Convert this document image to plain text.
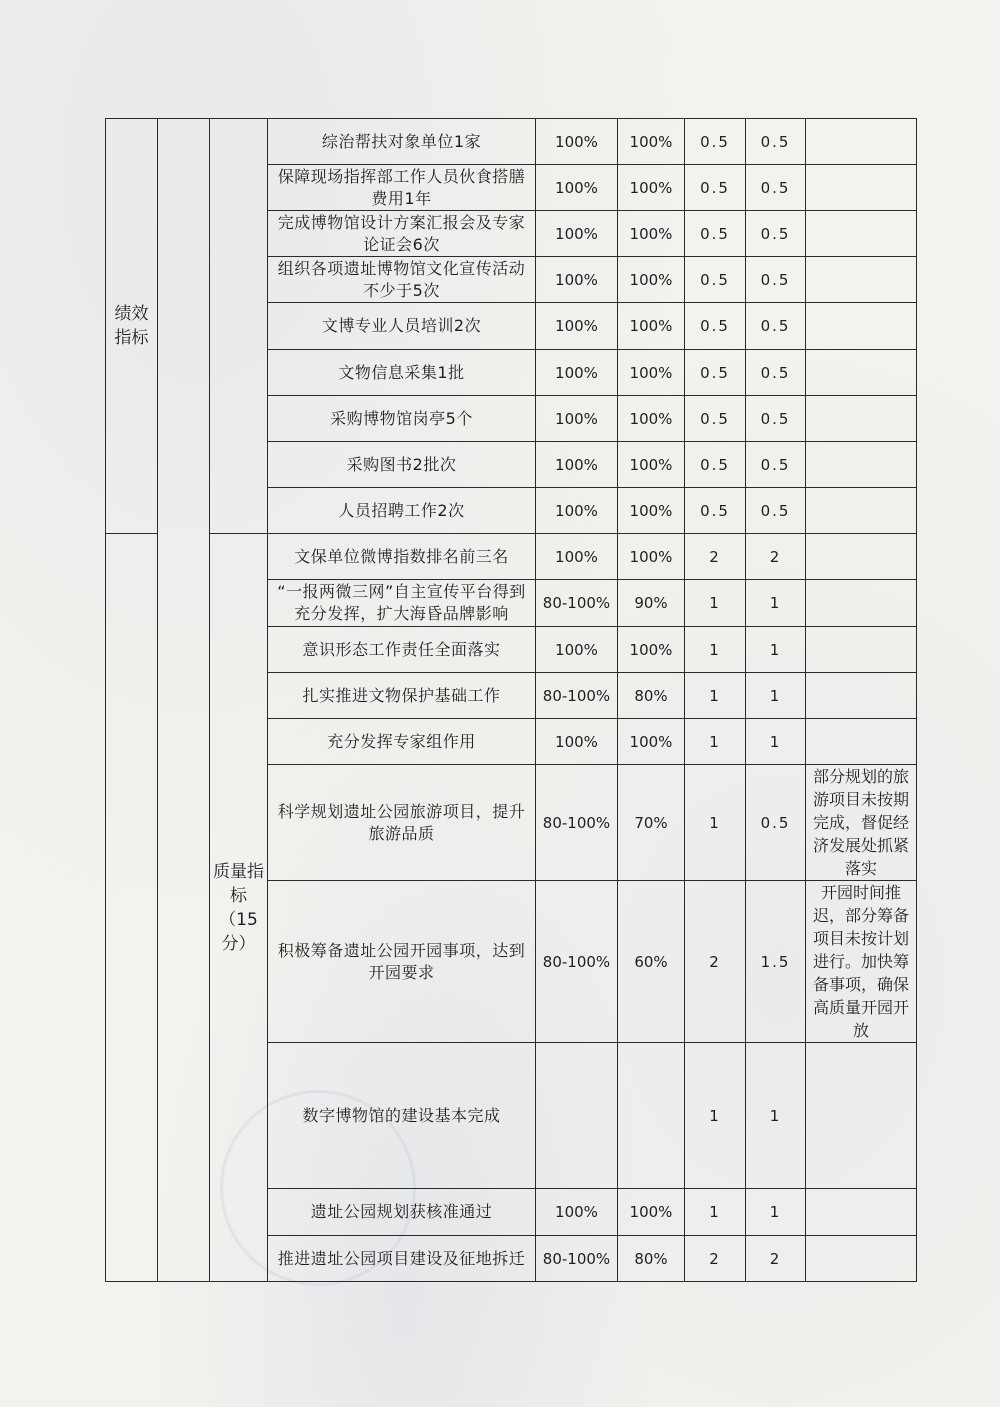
绩效指标			综治帮扶对象单位1家	100%	100%	0.5	0.5	
			保障现场指挥部工作人员伙食搭膳费用1年	100%	100%	0.5	0.5	
			完成博物馆设计方案汇报会及专家论证会6次	100%	100%	0.5	0.5	
			组织各项遗址博物馆文化宣传活动不少于5次	100%	100%	0.5	0.5	
			文博专业人员培训2次	100%	100%	0.5	0.5	
			文物信息采集1批	100%	100%	0.5	0.5	
			采购博物馆岗亭5个	100%	100%	0.5	0.5	
			采购图书2批次	100%	100%	0.5	0.5	
			人员招聘工作2次	100%	100%	0.5	0.5	
		质量指标（15分）	文保单位微博指数排名前三名	100%	100%	2	2	
			“一报两微三网”自主宣传平台得到充分发挥，扩大海昏品牌影响	80-100%	90%	1	1	
			意识形态工作责任全面落实	100%	100%	1	1	
			扎实推进文物保护基础工作	80-100%	80%	1	1	
			充分发挥专家组作用	100%	100%	1	1	
			科学规划遗址公园旅游项目，提升旅游品质	80-100%	70%	1	0.5	部分规划的旅游项目未按期完成，督促经济发展处抓紧落实
			积极筹备遗址公园开园事项，达到开园要求	80-100%	60%	2	1.5	开园时间推迟，部分筹备项目未按计划进行。加快筹备事项，确保高质量开园开放
			数字博物馆的建设基本完成			1	1	
			遗址公园规划获核准通过	100%	100%	1	1	
			推进遗址公园项目建设及征地拆迁	80-100%	80%	2	2	
